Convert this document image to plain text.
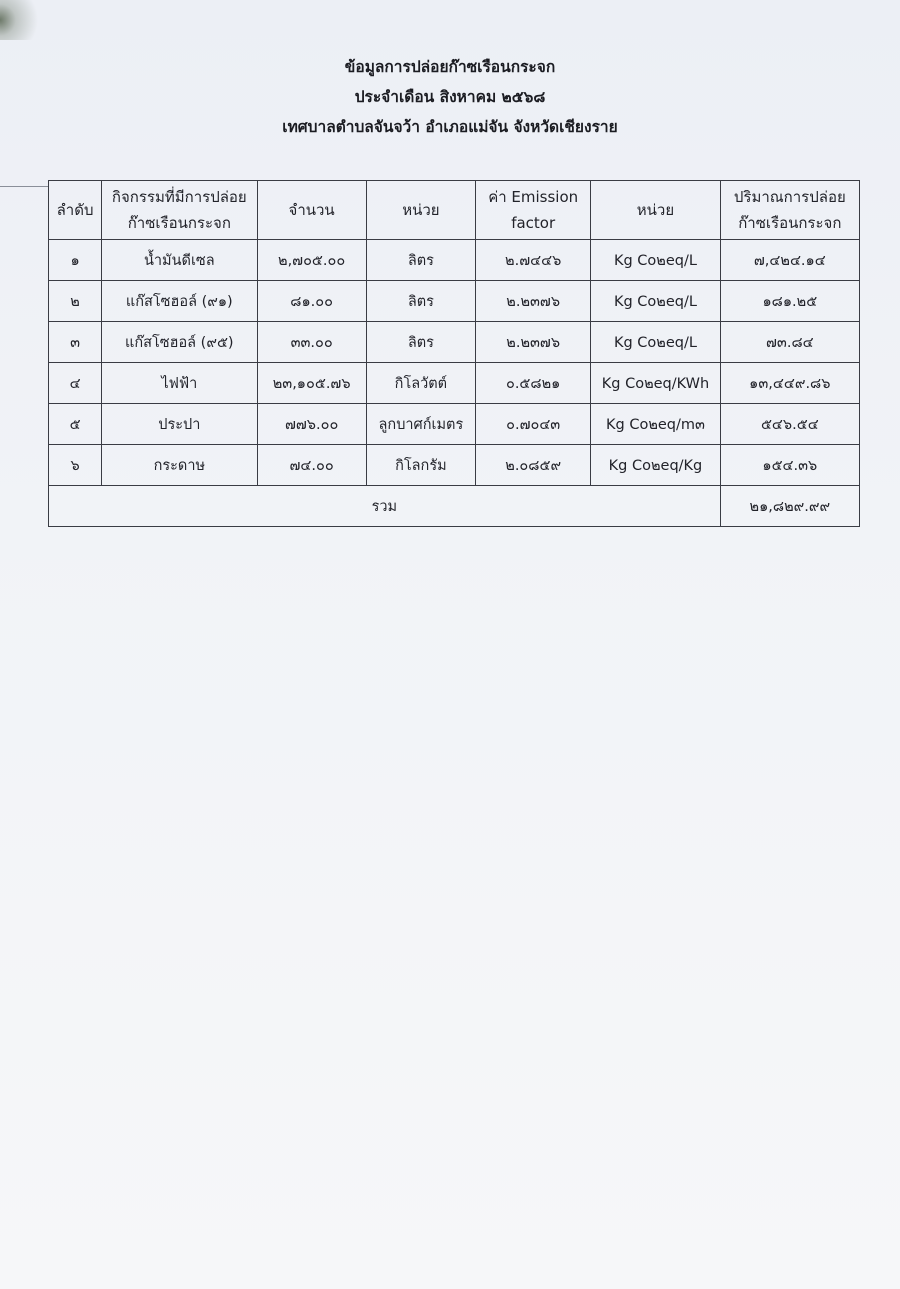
ข้อมูลการปล่อยก๊าซเรือนกระจก
ประจำเดือน สิงหาคม ๒๕๖๘
เทศบาลตำบลจันจว้า อำเภอแม่จัน จังหวัดเชียงราย
ลำดับ	กิจกรรมที่มีการปล่อยก๊าซเรือนกระจก	จำนวน	หน่วย	ค่า Emission factor	หน่วย	ปริมาณการปล่อยก๊าซเรือนกระจก
๑	น้ำมันดีเซล	๒,๗๐๕.๐๐	ลิตร	๒.๗๔๔๖	Kg Co๒eq/L	๗,๔๒๔.๑๔
๒	แก๊สโซฮอล์ (๙๑)	๘๑.๐๐	ลิตร	๒.๒๓๗๖	Kg Co๒eq/L	๑๘๑.๒๕
๓	แก๊สโซฮอล์ (๙๕)	๓๓.๐๐	ลิตร	๒.๒๓๗๖	Kg Co๒eq/L	๗๓.๘๔
๔	ไฟฟ้า	๒๓,๑๐๕.๗๖	กิโลวัตต์	๐.๕๘๒๑	Kg Co๒eq/KWh	๑๓,๔๔๙.๘๖
๕	ประปา	๗๗๖.๐๐	ลูกบาศก์เมตร	๐.๗๐๔๓	Kg Co๒eq/m๓	๕๔๖.๕๔
๖	กระดาษ	๗๔.๐๐	กิโลกรัม	๒.๐๘๕๙	Kg Co๒eq/Kg	๑๕๔.๓๖
รวม						๒๑,๘๒๙.๙๙
